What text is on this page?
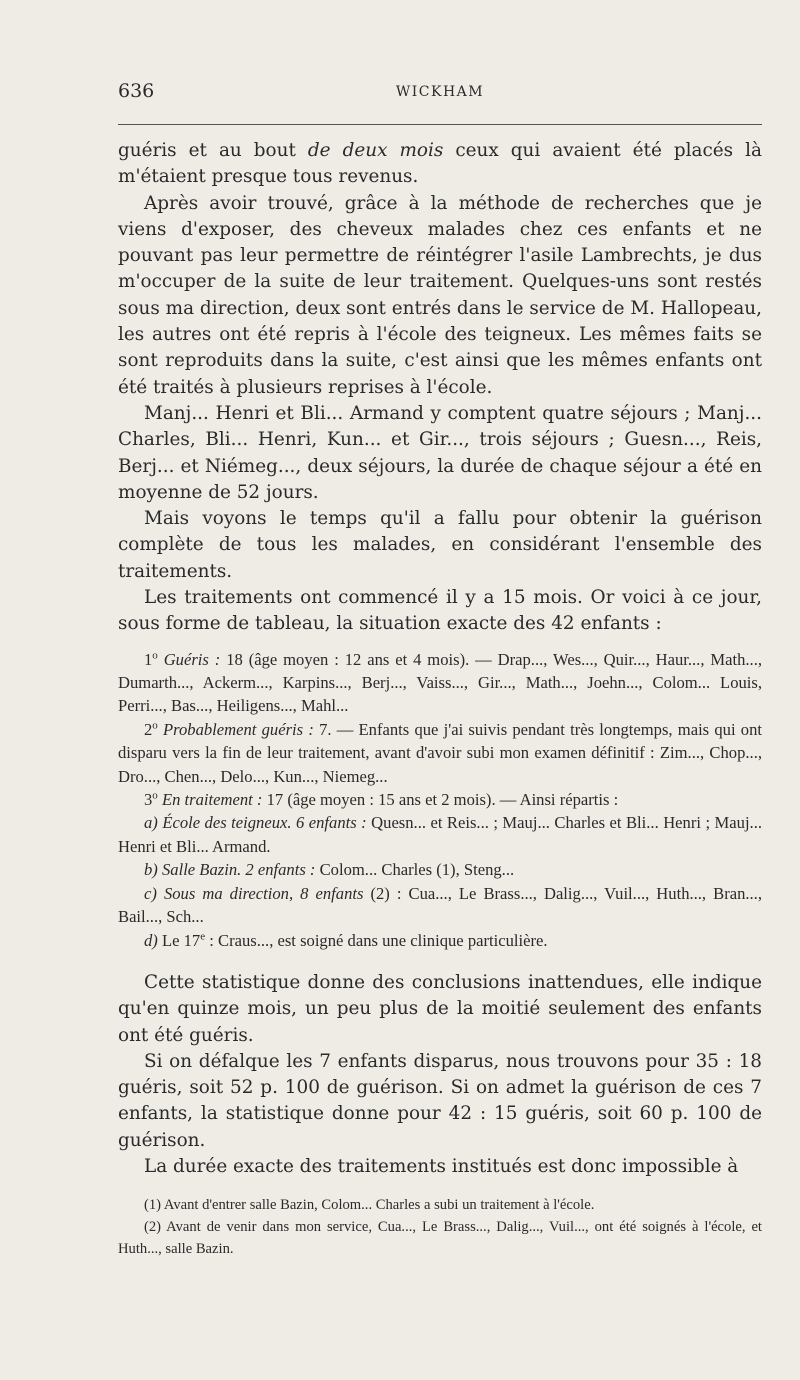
636	WICKHAM

guéris et au bout de deux mois ceux qui avaient été placés là m'étaient presque tous revenus.

Après avoir trouvé, grâce à la méthode de recherches que je viens d'exposer, des cheveux malades chez ces enfants et ne pouvant pas leur permettre de réintégrer l'asile Lambrechts, je dus m'occuper de la suite de leur traitement. Quelques-uns sont restés sous ma direction, deux sont entrés dans le service de M. Hallopeau, les autres ont été repris à l'école des teigneux. Les mêmes faits se sont reproduits dans la suite, c'est ainsi que les mêmes enfants ont été traités à plusieurs reprises à l'école.

Manj... Henri et Bli... Armand y comptent quatre séjours ; Manj... Charles, Bli... Henri, Kun... et Gir..., trois séjours ; Guesn..., Reis, Berj... et Niémeg..., deux séjours, la durée de chaque séjour a été en moyenne de 52 jours.

Mais voyons le temps qu'il a fallu pour obtenir la guérison complète de tous les malades, en considérant l'ensemble des traitements.

Les traitements ont commencé il y a 15 mois. Or voici à ce jour, sous forme de tableau, la situation exacte des 42 enfants :

1$^o$ Guéris : 18 (âge moyen : 12 ans et 4 mois). — Drap..., Wes..., Quir..., Haur..., Math..., Dumarth..., Ackerm..., Karpins..., Berj..., Vaiss..., Gir..., Math..., Joehn..., Colom... Louis, Perri..., Bas..., Heiligens..., Mahl...

2$^o$ Probablement guéris : 7. — Enfants que j'ai suivis pendant très longtemps, mais qui ont disparu vers la fin de leur traitement, avant d'avoir subi mon examen définitif : Zim..., Chop..., Dro..., Chen..., Delo..., Kun..., Niemeg...

3$^o$ En traitement : 17 (âge moyen : 15 ans et 2 mois). — Ainsi répartis :

a) École des teigneux. 6 enfants : Quesn... et Reis... ; Mauj... Charles et Bli... Henri ; Mauj... Henri et Bli... Armand.

b) Salle Bazin. 2 enfants : Colom... Charles (1), Steng...

c) Sous ma direction, 8 enfants (2) : Cua..., Le Brass..., Dalig..., Vuil..., Huth..., Bran..., Bail..., Sch...

d) Le 17e : Craus..., est soigné dans une clinique particulière.

Cette statistique donne des conclusions inattendues, elle indique qu'en quinze mois, un peu plus de la moitié seulement des enfants ont été guéris.

Si on défalque les 7 enfants disparus, nous trouvons pour 35 : 18 guéris, soit 52 p. 100 de guérison. Si on admet la guérison de ces 7 enfants, la statistique donne pour 42 : 15 guéris, soit 60 p. 100 de guérison.

La durée exacte des traitements institués est donc impossible à

(1) Avant d'entrer salle Bazin, Colom... Charles a subi un traitement à l'école.

(2) Avant de venir dans mon service, Cua..., Le Brass..., Dalig..., Vuil..., ont été soignés à l'école, et Huth..., salle Bazin.
